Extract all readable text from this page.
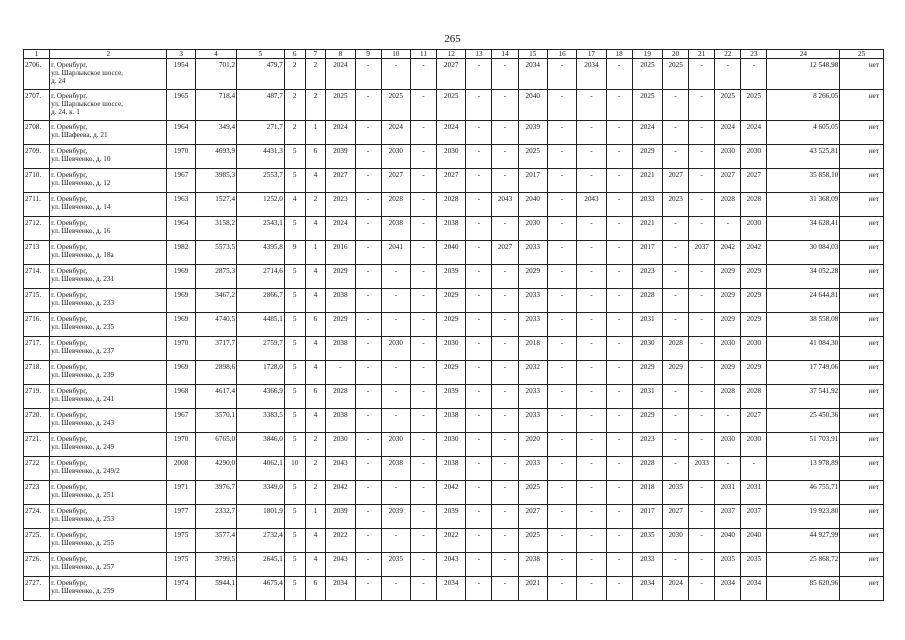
265
1	2	3	4	5	6	7	8	9	10	11	12	13	14	15	16	17	18	19	20	21	22	23	24	25
2706.	г. Оренбург,
ул. Шарлыкское шоссе,
д. 24	1954	701,2	479,7	2	2	2024	-	-	-	2027	-	-	2034	-	2034	-	2025	2025	-	-	-	12 548,98	нет
2707.	г. Оренбург,
ул. Шарлыкское шоссе,
д. 24, к. 1	1965	718,4	487,7	2	2	2025	-	2025	-	2025	-	-	2040	-	-	-	2025	-	-	2025	2025	8 266,05	нет
2708.	г. Оренбург,
ул. Шафеева, д. 21	1964	349,4	271,7	2	1	2024	-	2024	-	2024	-	-	2039	-	-	-	2024	-	-	2024	2024	4 605,05	нет
2709.	г. Оренбург,
ул. Шевченко, д. 10	1970	4693,9	4431,3	5	6	2039	-	2030	-	2030	-	-	2025	-	-	-	2029	-	-	2030	2030	43 525,81	нет
2710.	г. Оренбург,
ул. Шевченко, д. 12	1967	3985,3	2553,7	5	4	2027	-	2027	-	2027	-	-	2017	-	-	-	2021	2027	-	2027	2027	35 858,10	нет
2711.	г. Оренбург,
ул. Шевченко, д. 14	1963	1527,4	1252,0	4	2	2023	-	2028	-	2028	-	2043	2040	-	2043	-	2033	2023	-	2028	2028	31 368,09	нет
2712.	г. Оренбург,
ул. Шевченко, д. 16	1964	3158,2	2543,1	5	4	2024	-	2038	-	2038	-	-	2030	-	-	-	2021	-	-	-	2030	34 628,41	нет
2713	г. Оренбург,
ул. Шевченко, д. 18а	1982	5573,5	4395,8	9	1	2016	-	2041	-	2040	-	2027	2033	-	-	-	2017	-	2037	2042	2042	30 084,03	нет
2714.	г. Оренбург,
ул. Шевченко, д. 231	1969	2875,3	2714,6	5	4	2029	-	-	-	2039	-	-	2029	-	-	-	2023	-	-	2029	2029	34 052,28	нет
2715.	г. Оренбург,
ул. Шевченко, д. 233	1969	3467,2	2866,7	5	4	2038	-	-	-	2029	-	-	2033	-	-	-	2028	-	-	2029	2029	24 644,81	нет
2716.	г. Оренбург,
ул. Шевченко, д. 235	1969	4740,5	4485,1	5	6	2029	-	-	-	2029	-	-	2033	-	-	-	2031	-	-	2029	2029	38 558,08	нет
2717.	г. Оренбург,
ул. Шевченко, д. 237	1970	3717,7	2759,7	5	4	2038	-	2030	-	2030	-	-	2018	-	-	-	2030	2028	-	2030	2030	41 084,30	нет
2718.	г. Оренбург,
ул. Шевченко, д. 239	1969	2898,6	1728,0	5	4	-	-	-	-	2029	-	-	2032	-	-	-	2029	2029	-	2029	2029	17 749,06	нет
2719.	г. Оренбург,
ул. Шевченко, д. 241	1968	4617,4	4366,9	5	6	2028	-	-	-	2039	-	-	2033	-	-	-	2031	-	-	2028	2028	37 541,92	нет
2720.	г. Оренбург,
ул. Шевченко, д. 243	1967	3570,1	3383,5	5	4	2038	-	-	-	2038	-	-	2033	-	-	-	2029	-	-	-	2027	25 450,36	нет
2721.	г. Оренбург,
ул. Шевченко, д. 249	1970	6765,0	3846,0	5	2	2030	-	2030	-	2030	-	-	2020	-	-	-	2023	-	-	2030	2030	51 703,91	нет
2722	г. Оренбург,
ул. Шевченко, д. 249/2	2008	4290,0	4062,1	10	2	2043	-	2038	-	2038	-	-	2033	-	-	-	2028	-	2033	-	-	13 978,89	нет
2723	г. Оренбург,
ул. Шевченко, д. 251	1971	3976,7	3349,0	5	2	2042	-	-	-	2042	-	-	2025	-	-	-	2018	2035	-	2031	2031	46 755,71	нет
2724.	г. Оренбург,
ул. Шевченко, д. 253	1977	2332,7	1801,9	5	1	2039	-	2039	-	2039	-	-	2027	-	-	-	2017	2027	-	2037	2037	19 923,80	нет
2725.	г. Оренбург,
ул. Шевченко, д. 255	1975	3577,4	2732,4	5	4	2022	-	-	-	2022	-	-	2025	-	-	-	2035	2030	-	2040	2040	44 927,99	нет
2726.	г. Оренбург,
ул. Шевченко, д. 257	1975	3799,5	2645,1	5	4	2043	-	2035	-	2043	-	-	2038	-	-	-	2033	-	-	2035	2035	25 868,72	нет
2727.	г. Оренбург,
ул. Шевченко, д. 259	1974	5944,1	4675,4	5	6	2034	-	-	-	2034	-	-	2021	-	-	-	2034	2024	-	2034	2034	85 620,96	нет
